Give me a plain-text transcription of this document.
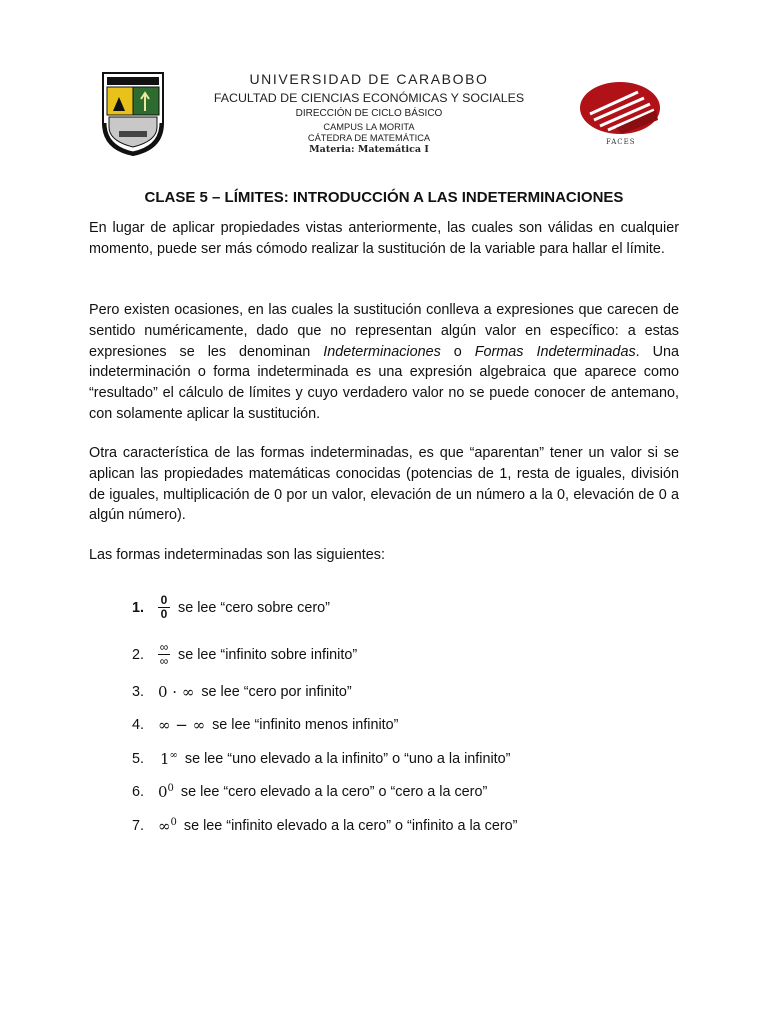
FACES
UNIVERSIDAD DE CARABOBO
FACULTAD DE CIENCIAS ECONÓMICAS Y SOCIALES
DIRECCIÓN DE CICLO BÁSICO
CAMPUS LA MORITA
CÁTEDRA DE MATEMÁTICA
Materia: Matemática I
CLASE 5 – LÍMITES: INTRODUCCIÓN A LAS INDETERMINACIONES
En lugar de aplicar propiedades vistas anteriormente, las cuales son válidas en cualquier momento, puede ser más cómodo realizar la sustitución de la variable para hallar el límite.
Pero existen ocasiones, en las cuales la sustitución conlleva a expresiones que carecen de sentido numéricamente, dado que no representan algún valor en específico: a estas expresiones se les denominan Indeterminaciones o Formas Indeterminadas. Una indeterminación o forma indeterminada es una expresión algebraica que aparece como “resultado” el cálculo de límites y cuyo verdadero valor no se puede conocer de antemano, con solamente aplicar la sustitución.
Otra característica de las formas indeterminadas, es que “aparentan” tener un valor si se aplican las propiedades matemáticas conocidas (potencias de 1, resta de iguales, división de iguales, multiplicación de 0 por un valor, elevación de un número a la 0, elevación de 0 a algún número).
Las formas indeterminadas son las siguientes:
1.	$\frac{0}{0}$ se lee “cero sobre cero”
2.	$\frac{\infty}{\infty}$ se lee “infinito sobre infinito”
3. 0 · ∞ se lee “cero por infinito”
4. ∞ − ∞ se lee “infinito menos infinito”
5.	1∞ se lee “uno elevado a la infinito” o “uno a la infinito”
6. $0^0$ se lee “cero elevado a la cero” o “cero a la cero”
7. ∞$^0$ se lee “infinito elevado a la cero” o “infinito a la cero”
